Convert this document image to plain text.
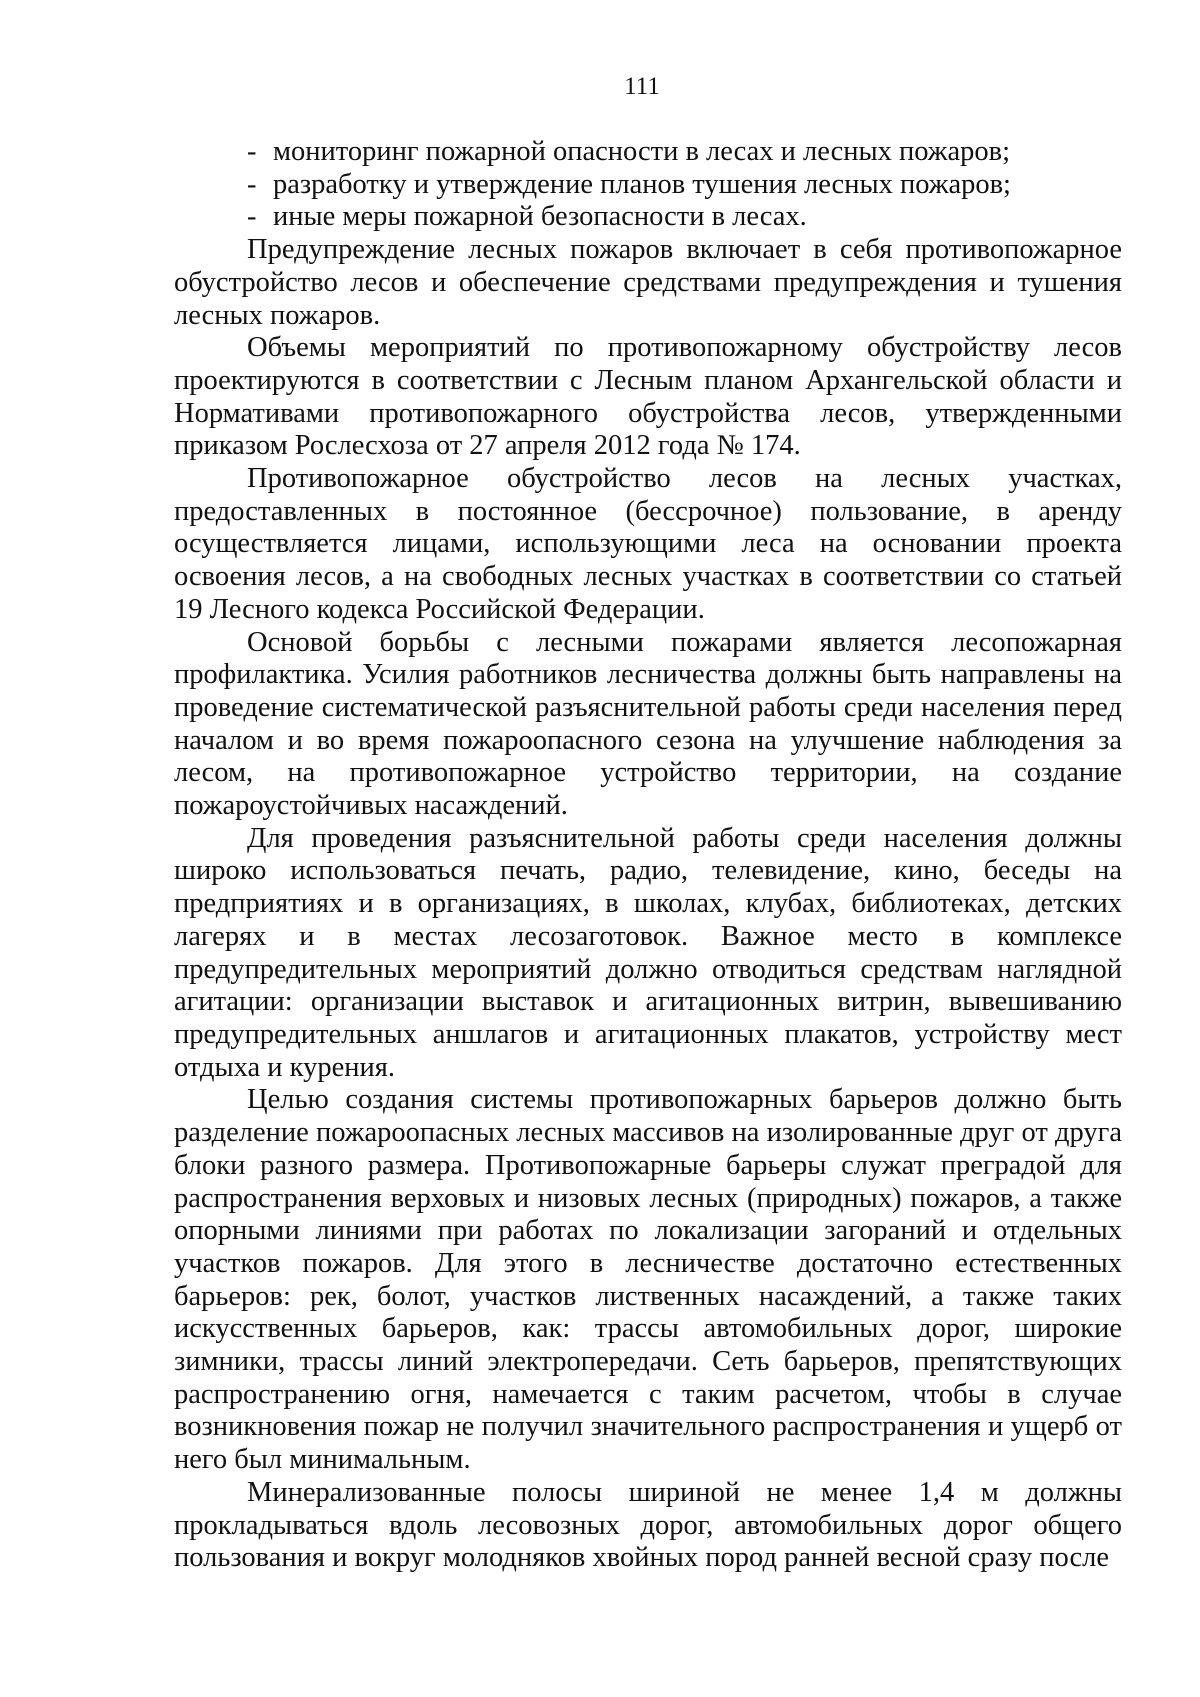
111
- мониторинг пожарной опасности в лесах и лесных пожаров;
- разработку и утверждение планов тушения лесных пожаров;
- иные меры пожарной безопасности в лесах.

Предупреждение лесных пожаров включает в себя противопожарное обустройство лесов и обеспечение средствами предупреждения и тушения лесных пожаров.

Объемы мероприятий по противопожарному обустройству лесов проектируются в соответствии с Лесным планом Архангельской области и Нормативами противопожарного обустройства лесов, утвержденными приказом Рослесхоза от 27 апреля 2012 года № 174.

Противопожарное обустройство лесов на лесных участках, предоставленных в постоянное (бессрочное) пользование, в аренду осуществляется лицами, использующими леса на основании проекта освоения лесов, а на свободных лесных участках в соответствии со статьей 19 Лесного кодекса Российской Федерации.

Основой борьбы с лесными пожарами является лесопожарная профилактика. Усилия работников лесничества должны быть направлены на проведение систематической разъяснительной работы среди населения перед началом и во время пожароопасного сезона на улучшение наблюдения за лесом, на противопожарное устройство территории, на создание пожароустойчивых насаждений.

Для проведения разъяснительной работы среди населения должны широко использоваться печать, радио, телевидение, кино, беседы на предприятиях и в организациях, в школах, клубах, библиотеках, детских лагерях и в местах лесозаготовок. Важное место в комплексе предупредительных мероприятий должно отводиться средствам наглядной агитации: организации выставок и агитационных витрин, вывешиванию предупредительных аншлагов и агитационных плакатов, устройству мест отдыха и курения.

Целью создания системы противопожарных барьеров должно быть разделение пожароопасных лесных массивов на изолированные друг от друга блоки разного размера. Противопожарные барьеры служат преградой для распространения верховых и низовых лесных (природных) пожаров, а также опорными линиями при работах по локализации загораний и отдельных участков пожаров. Для этого в лесничестве достаточно естественных барьеров: рек, болот, участков лиственных насаждений, а также таких искусственных барьеров, как: трассы автомобильных дорог, широкие зимники, трассы линий электропередачи. Сеть барьеров, препятствующих распространению огня, намечается с таким расчетом, чтобы в случае возникновения пожар не получил значительного распространения и ущерб от него был минимальным.

Минерализованные полосы шириной не менее 1,4 м должны прокладываться вдоль лесовозных дорог, автомобильных дорог общего пользования и вокруг молодняков хвойных пород ранней весной сразу после
